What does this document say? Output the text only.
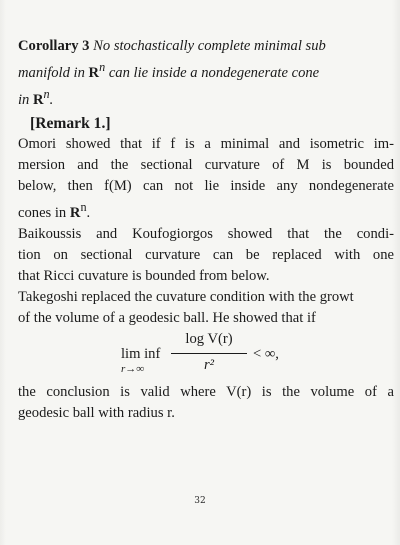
Corollary 3 No stochastically complete minimal sub
manifold in $R^n$ can lie inside a nondegenerate cone
in $R^n$.
[Remark 1.]
Omori showed that if f is a minimal and isometric im-
mersion and the sectional curvature of M is bounded
below, then f(M) can not lie inside any nondegenerate
cones in $R^n$.
Baikoussis and Koufogiorgos showed that the condi-
tion on sectional curvature can be replaced with one
that Ricci cuvature is bounded from below.
Takegoshi replaced the cuvature condition with the growt
of the volume of a geodesic ball. He showed that if
lim inf
r→∞
log V(r)
r²
< ∞,
the conclusion is valid where V(r) is the volume of a
geodesic ball with radius r.
32
